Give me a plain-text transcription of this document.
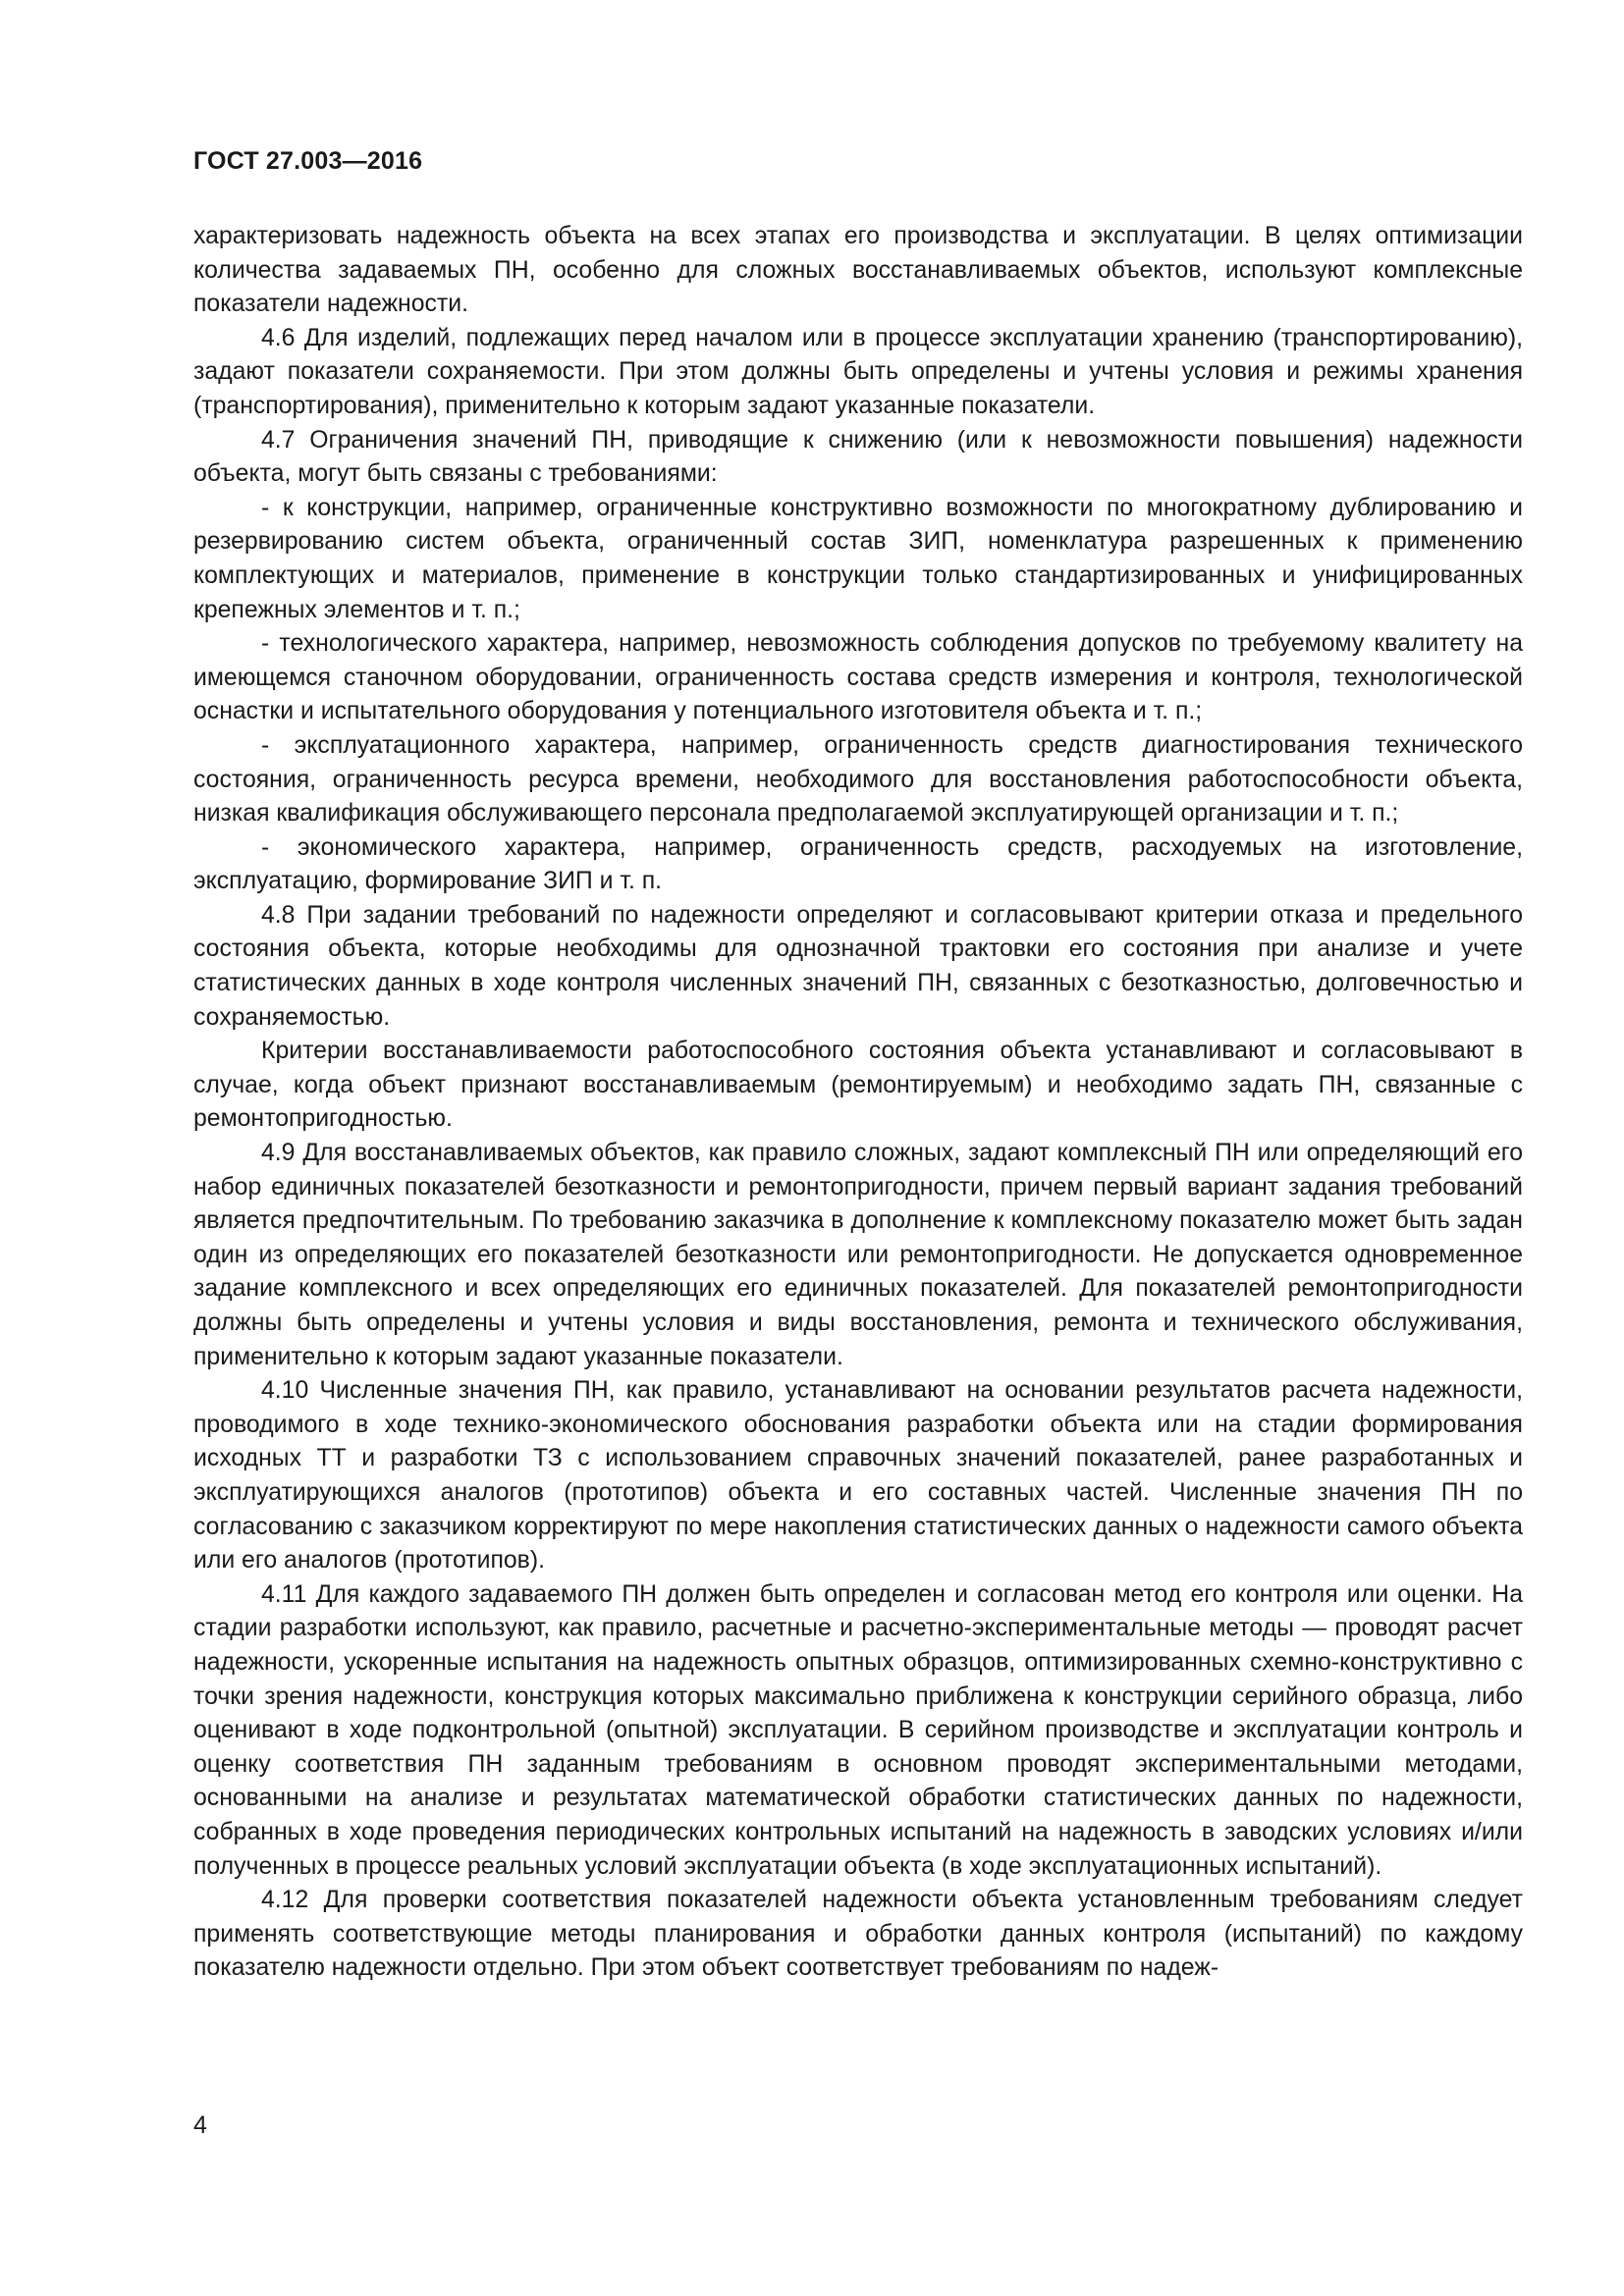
ГОСТ 27.003—2016

характеризовать надежность объекта на всех этапах его производства и эксплуатации. В целях оптимизации количества задаваемых ПН, особенно для сложных восстанавливаемых объектов, используют комплексные показатели надежности.

4.6 Для изделий, подлежащих перед началом или в процессе эксплуатации хранению (транспортированию), задают показатели сохраняемости. При этом должны быть определены и учтены условия и режимы хранения (транспортирования), применительно к которым задают указанные показатели.

4.7 Ограничения значений ПН, приводящие к снижению (или к невозможности повышения) надежности объекта, могут быть связаны с требованиями:

- к конструкции, например, ограниченные конструктивно возможности по многократному дублированию и резервированию систем объекта, ограниченный состав ЗИП, номенклатура разрешенных к применению комплектующих и материалов, применение в конструкции только стандартизированных и унифицированных крепежных элементов и т. п.;

- технологического характера, например, невозможность соблюдения допусков по требуемому квалитету на имеющемся станочном оборудовании, ограниченность состава средств измерения и контроля, технологической оснастки и испытательного оборудования у потенциального изготовителя объекта и т. п.;

- эксплуатационного характера, например, ограниченность средств диагностирования технического состояния, ограниченность ресурса времени, необходимого для восстановления работоспособности объекта, низкая квалификация обслуживающего персонала предполагаемой эксплуатирующей организации и т. п.;

- экономического характера, например, ограниченность средств, расходуемых на изготовление, эксплуатацию, формирование ЗИП и т. п.

4.8 При задании требований по надежности определяют и согласовывают критерии отказа и предельного состояния объекта, которые необходимы для однозначной трактовки его состояния при анализе и учете статистических данных в ходе контроля численных значений ПН, связанных с безотказностью, долговечностью и сохраняемостью.

Критерии восстанавливаемости работоспособного состояния объекта устанавливают и согласовывают в случае, когда объект признают восстанавливаемым (ремонтируемым) и необходимо задать ПН, связанные с ремонтопригодностью.

4.9 Для восстанавливаемых объектов, как правило сложных, задают комплексный ПН или определяющий его набор единичных показателей безотказности и ремонтопригодности, причем первый вариант задания требований является предпочтительным. По требованию заказчика в дополнение к комплексному показателю может быть задан один из определяющих его показателей безотказности или ремонтопригодности. Не допускается одновременное задание комплексного и всех определяющих его единичных показателей. Для показателей ремонтопригодности должны быть определены и учтены условия и виды восстановления, ремонта и технического обслуживания, применительно к которым задают указанные показатели.

4.10 Численные значения ПН, как правило, устанавливают на основании результатов расчета надежности, проводимого в ходе технико-экономического обоснования разработки объекта или на стадии формирования исходных ТТ и разработки ТЗ с использованием справочных значений показателей, ранее разработанных и эксплуатирующихся аналогов (прототипов) объекта и его составных частей. Численные значения ПН по согласованию с заказчиком корректируют по мере накопления статистических данных о надежности самого объекта или его аналогов (прототипов).

4.11 Для каждого задаваемого ПН должен быть определен и согласован метод его контроля или оценки. На стадии разработки используют, как правило, расчетные и расчетно-экспериментальные методы — проводят расчет надежности, ускоренные испытания на надежность опытных образцов, оптимизированных схемно-конструктивно с точки зрения надежности, конструкция которых максимально приближена к конструкции серийного образца, либо оценивают в ходе подконтрольной (опытной) эксплуатации. В серийном производстве и эксплуатации контроль и оценку соответствия ПН заданным требованиям в основном проводят экспериментальными методами, основанными на анализе и результатах математической обработки статистических данных по надежности, собранных в ходе проведения периодических контрольных испытаний на надежность в заводских условиях и/или полученных в процессе реальных условий эксплуатации объекта (в ходе эксплуатационных испытаний).

4.12 Для проверки соответствия показателей надежности объекта установленным требованиям следует применять соответствующие методы планирования и обработки данных контроля (испытаний) по каждому показателю надежности отдельно. При этом объект соответствует требованиям по надеж-

4
